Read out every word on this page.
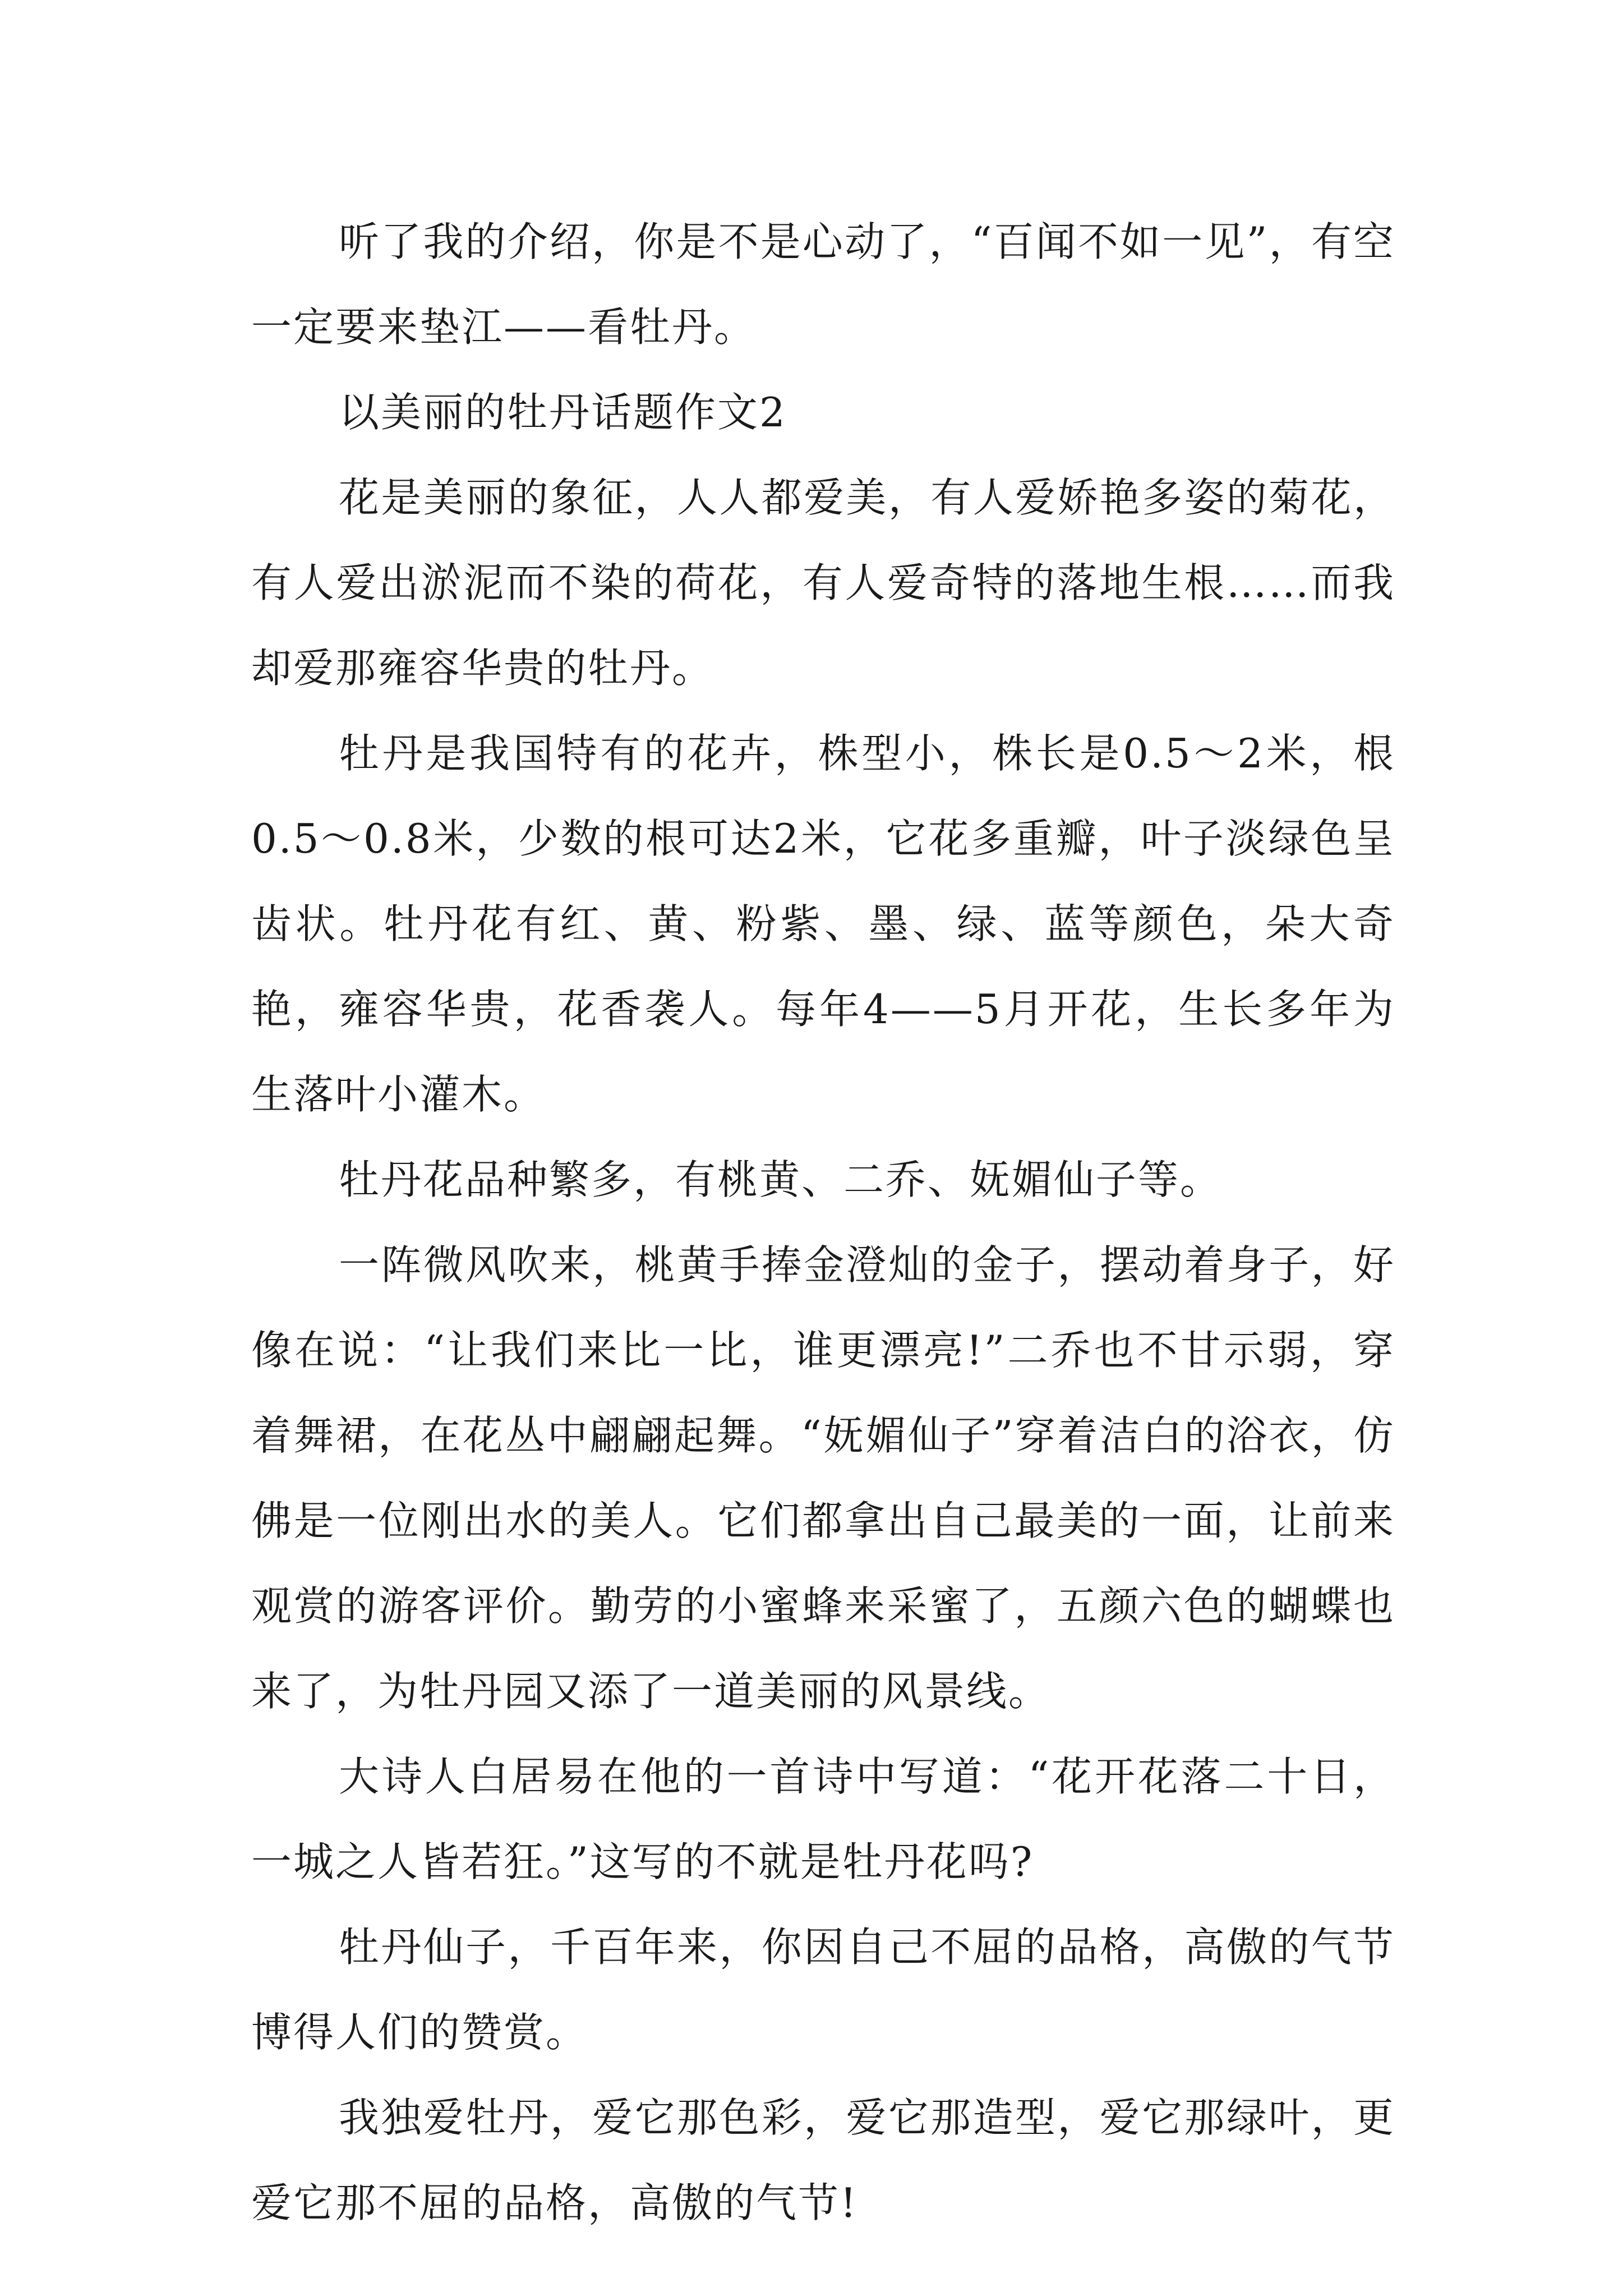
听了我的介绍，你是不是心动了，“百闻不如一见”，有空一定要来垫江——看牡丹。

以美丽的牡丹话题作文2

花是美丽的象征，人人都爱美，有人爱娇艳多姿的菊花，有人爱出淤泥而不染的荷花，有人爱奇特的落地生根……而我却爱那雍容华贵的牡丹。

牡丹是我国特有的花卉，株型小，株长是0.5～2米，根0.5～0.8米，少数的根可达2米，它花多重瓣，叶子淡绿色呈齿状。牡丹花有红、黄、粉紫、墨、绿、蓝等颜色，朵大奇艳，雍容华贵，花香袭人。每年4——5月开花，生长多年为生落叶小灌木。

牡丹花品种繁多，有桃黄、二乔、妩媚仙子等。

一阵微风吹来，桃黄手捧金澄灿的金子，摆动着身子，好像在说：“让我们来比一比，谁更漂亮!”二乔也不甘示弱，穿着舞裙，在花丛中翩翩起舞。“妩媚仙子”穿着洁白的浴衣，仿佛是一位刚出水的美人。它们都拿出自己最美的一面，让前来观赏的游客评价。勤劳的小蜜蜂来采蜜了，五颜六色的蝴蝶也来了，为牡丹园又添了一道美丽的风景线。

大诗人白居易在他的一首诗中写道：“花开花落二十日，一城之人皆若狂。”这写的不就是牡丹花吗?

牡丹仙子，千百年来，你因自己不屈的品格，高傲的气节博得人们的赞赏。

我独爱牡丹，爱它那色彩，爱它那造型，爱它那绿叶，更爱它那不屈的品格，高傲的气节!
